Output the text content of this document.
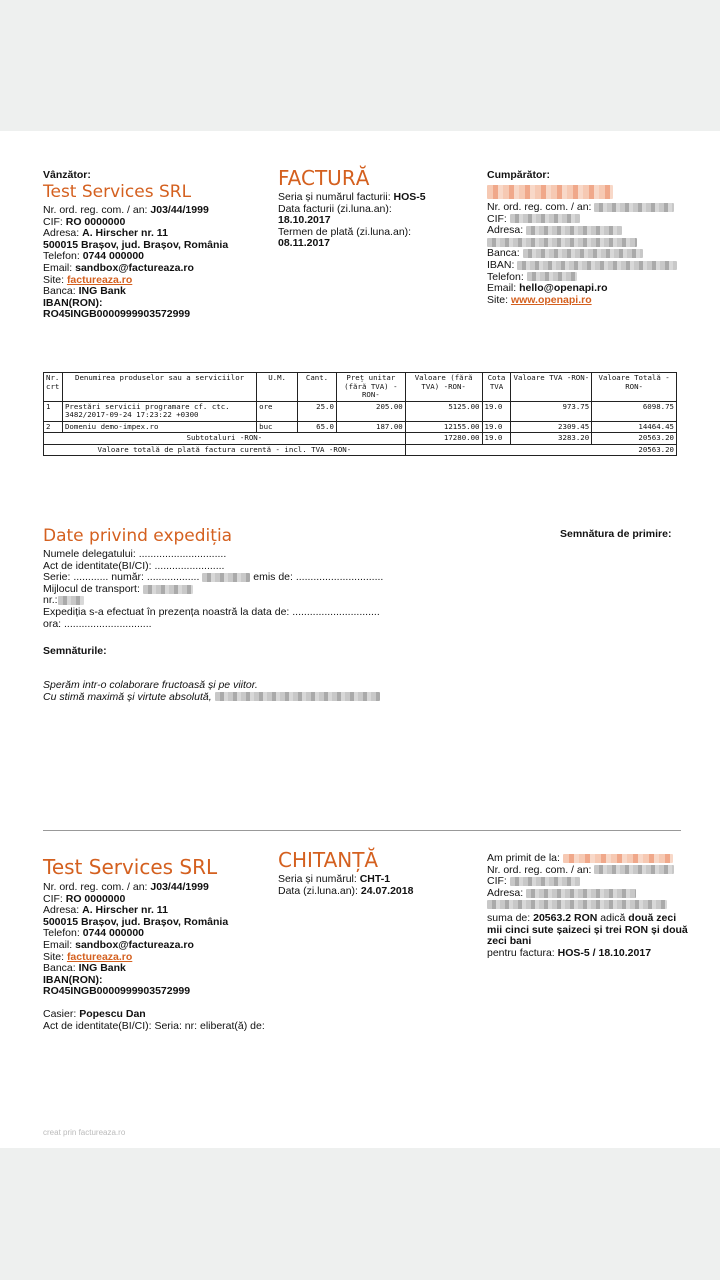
Vânzător:
Test Services SRL
Nr. ord. reg. com. / an: J03/44/1999
CIF: RO 0000000
Adresa: A. Hirscher nr. 11
500015 Brașov, jud. Brașov, România
Telefon: 0744 000000
Email: sandbox@factureaza.ro
Site: factureaza.ro
Banca: ING Bank
IBAN(RON):
RO45INGB0000999903572999
FACTURĂ
Seria și numărul facturii: HOS-5
Data facturii (zi.luna.an):
18.10.2017
Termen de plată (zi.luna.an):
08.11.2017
Cumpărător:
Nr. ord. reg. com. / an:
CIF:
Adresa:
Banca:
IBAN:
Telefon:
Email: hello@openapi.ro
Site: www.openapi.ro
Nr. crt	Denumirea produselor sau a serviciilor	U.M.	Cant.	Preț unitar (fără TVA) -RON-	Valoare (fără TVA) -RON-	Cota TVA	Valoare TVA -RON-	Valoare Totală -RON-
1	Prestări servicii programare cf. ctc. 3482/2017-09-24 17:23:22 +0300	ore	25.0	205.00	5125.00	19.0	973.75	6098.75
2	Domeniu demo-impex.ro	buc	65.0	187.00	12155.00	19.0	2309.45	14464.45
Subtotaluri -RON-					17280.00	19.0	3283.20	20563.20
Valoare totală de plată factura curentă - incl. TVA -RON-					20563.20			
Date privind expediția	Semnătura de primire:
Numele delegatului: ..............................
Act de identitate(BI/CI): ........................
Serie: ............ număr: ..................	emis de: ..............................
Mijlocul de transport:
nr.:
Expediția s-a efectuat în prezența noastră la data de: ..............................
ora: ..............................
Semnăturile:
Sperăm intr-o colaborare fructoasă și pe viitor.
Cu stimă maximă și virtute absolută,
Test Services SRL
Nr. ord. reg. com. / an: J03/44/1999
CIF: RO 0000000
Adresa: A. Hirscher nr. 11
500015 Brașov, jud. Brașov, România
Telefon: 0744 000000
Email: sandbox@factureaza.ro
Site: factureaza.ro
Banca: ING Bank
IBAN(RON):
RO45INGB0000999903572999
Casier: Popescu Dan
Act de identitate(BI/CI): Seria: nr: eliberat(ă) de:
CHITANȚĂ
Seria și numărul: CHT-1
Data (zi.luna.an): 24.07.2018
Am primit de la:
Nr. ord. reg. com. / an:
CIF:
Adresa:
suma de: 20563.2 RON adică două zeci mii cinci sute șaizeci și trei RON și două zeci bani
pentru factura: HOS-5 / 18.10.2017
creat prin factureaza.ro
